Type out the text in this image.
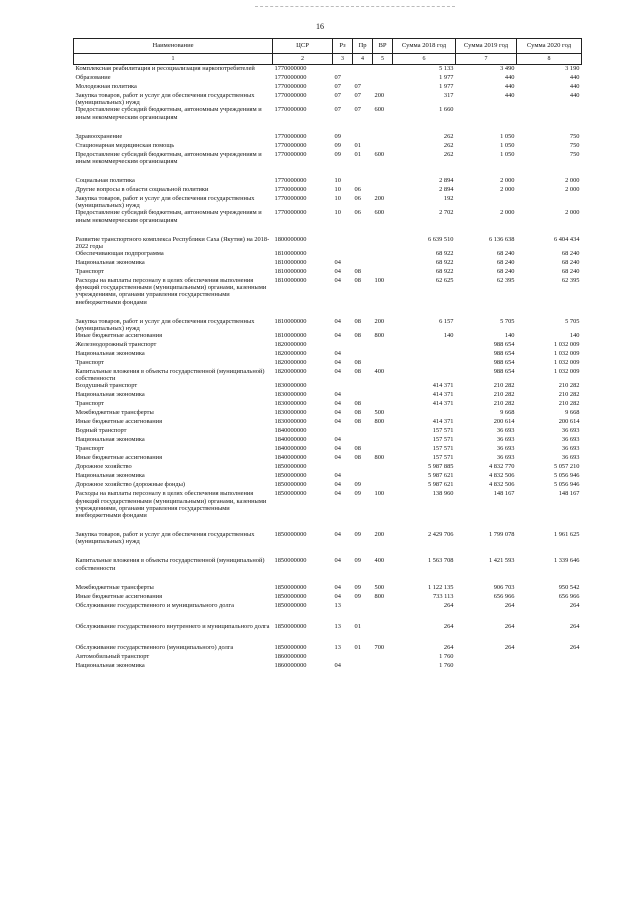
16
Наименование	ЦСР	Рз	Пр	ВР	Сумма 2018 год	Сумма 2019 год	Сумма 2020 год
1	2	3	4	5	6	7	8
Комплексная реабилитация и ресоциализация наркопотребителей	1770000000				5 133	3 490	3 190
Образование	1770000000	07			1 977	440	440
Молодежная политика	1770000000	07	07		1 977	440	440
Закупка товаров, работ и услуг для обеспечения государственных (муниципальных) нужд	1770000000	07	07	200	317	440	440
Предоставление субсидий бюджетным, автономным учреждениям и иным некоммерческим организациям	1770000000	07	07	600	1 660		

Здравоохранение	1770000000	09			262	1 050	750
Стационарная медицинская помощь	1770000000	09	01		262	1 050	750
Предоставление субсидий бюджетным, автономным учреждениям и иным некоммерческим организациям	1770000000	09	01	600	262	1 050	750

Социальная политика	1770000000	10			2 894	2 000	2 000
Другие вопросы в области социальной политики	1770000000	10	06		2 894	2 000	2 000
Закупка товаров, работ и услуг для обеспечения государственных (муниципальных) нужд	1770000000	10	06	200	192		
Предоставление субсидий бюджетным, автономным учреждениям и иным некоммерческим организациям	1770000000	10	06	600	2 702	2 000	2 000

Развитие транспортного комплекса Республики Саха (Якутия) на 2018-2022 годы	1800000000				6 639 510	6 136 638	6 404 434
Обеспечивающая подпрограмма	1810000000				68 922	68 240	68 240
Национальная экономика	1810000000	04			68 922	68 240	68 240
Транспорт	1810000000	04	08		68 922	68 240	68 240
Расходы на выплаты персоналу в целях обеспечения выполнения функций государственными (муниципальными) органами, казенными учреждениями, органами управления государственными внебюджетными фондами	1810000000	04	08	100	62 625	62 395	62 395

Закупка товаров, работ и услуг для обеспечения государственных (муниципальных) нужд	1810000000	04	08	200	6 157	5 705	5 705
Иные бюджетные ассигнования	1810000000	04	08	800	140	140	140
Железнодорожный транспорт	1820000000					988 654	1 032 009
Национальная экономика	1820000000	04				988 654	1 032 009
Транспорт	1820000000	04	08			988 654	1 032 009
Капитальные вложения в объекты государственной (муниципальной) собственности	1820000000	04	08	400		988 654	1 032 009
Воздушный транспорт	1830000000				414 371	210 282	210 282
Национальная экономика	1830000000	04			414 371	210 282	210 282
Транспорт	1830000000	04	08		414 371	210 282	210 282
Межбюджетные трансферты	1830000000	04	08	500		9 668	9 668
Иные бюджетные ассигнования	1830000000	04	08	800	414 371	200 614	200 614
Водный транспорт	1840000000				157 571	36 693	36 693
Национальная экономика	1840000000	04			157 571	36 693	36 693
Транспорт	1840000000	04	08		157 571	36 693	36 693
Иные бюджетные ассигнования	1840000000	04	08	800	157 571	36 693	36 693
Дорожное хозяйство	1850000000				5 987 885	4 832 770	5 057 210
Национальная экономика	1850000000	04			5 987 621	4 832 506	5 056 946
Дорожное хозяйство (дорожные фонды)	1850000000	04	09		5 987 621	4 832 506	5 056 946
Расходы на выплаты персоналу в целях обеспечения выполнения функций государственными (муниципальными) органами, казенными учреждениями, органами управления государственными внебюджетными фондами	1850000000	04	09	100	138 960	148 167	148 167

Закупка товаров, работ и услуг для обеспечения государственных (муниципальных) нужд	1850000000	04	09	200	2 429 706	1 799 078	1 961 625

Капитальные вложения в объекты государственной (муниципальной) собственности	1850000000	04	09	400	1 563 708	1 421 593	1 339 646

Межбюджетные трансферты	1850000000	04	09	500	1 122 135	906 703	950 542
Иные бюджетные ассигнования	1850000000	04	09	800	733 113	656 966	656 966
Обслуживание государственного и муниципального долга	1850000000	13			264	264	264

Обслуживание государственного внутреннего и муниципального долга	1850000000	13	01		264	264	264

Обслуживание государственного (муниципального) долга	1850000000	13	01	700	264	264	264
Автомобильный транспорт	1860000000				1 760		
Национальная экономика	1860000000	04			1 760		
